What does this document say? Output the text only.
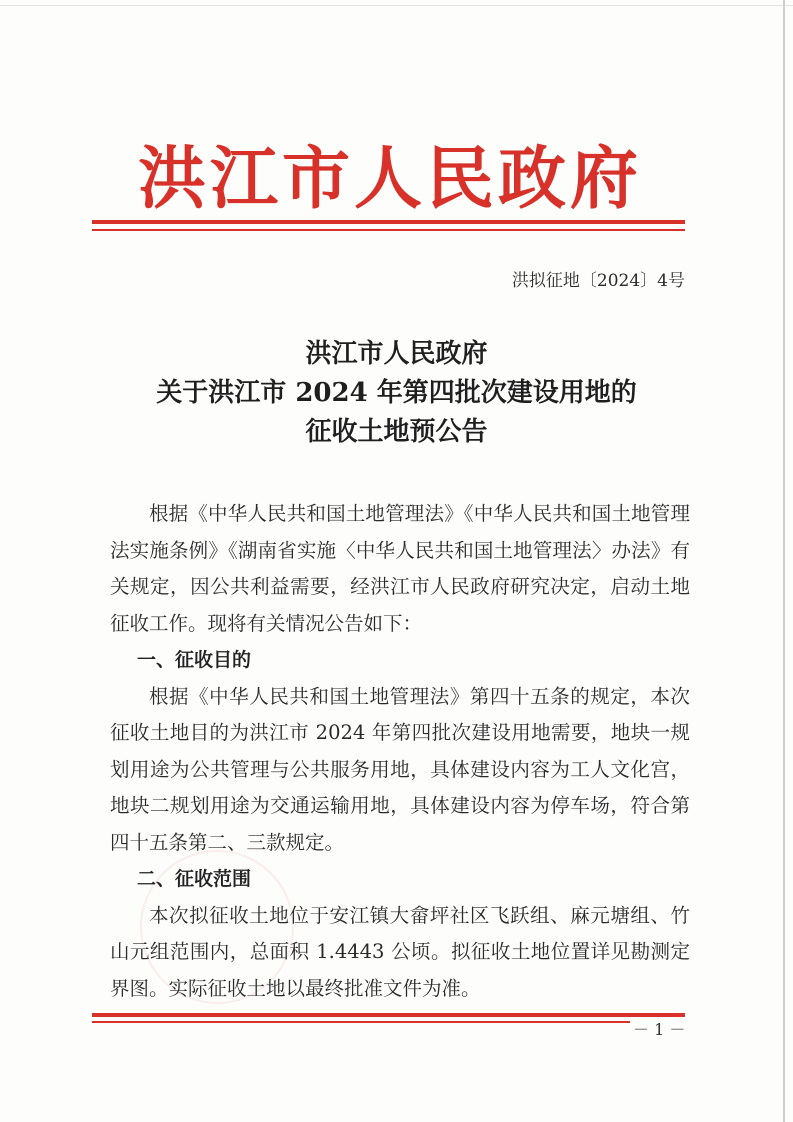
洪江市人民政府
洪拟征地〔2024〕4号
洪江市人民政府
关于洪江市 2024 年第四批次建设用地的
征收土地预公告

根据《中华人民共和国土地管理法》《中华人民共和国土地管理法实施条例》《湖南省实施〈中华人民共和国土地管理法〉办法》有关规定，因公共利益需要，经洪江市人民政府研究决定，启动土地征收工作。现将有关情况公告如下：

一、征收目的

根据《中华人民共和国土地管理法》第四十五条的规定，本次征收土地目的为洪江市 2024 年第四批次建设用地需要，地块一规划用途为公共管理与公共服务用地，具体建设内容为工人文化宫，地块二规划用途为交通运输用地，具体建设内容为停车场，符合第四十五条第二、三款规定。

二、征收范围

本次拟征收土地位于安江镇大畲坪社区飞跃组、麻元塘组、竹山元组范围内，总面积 1.4443 公顷。拟征收土地位置详见勘测定界图。实际征收土地以最终批准文件为准。

－ 1 －
